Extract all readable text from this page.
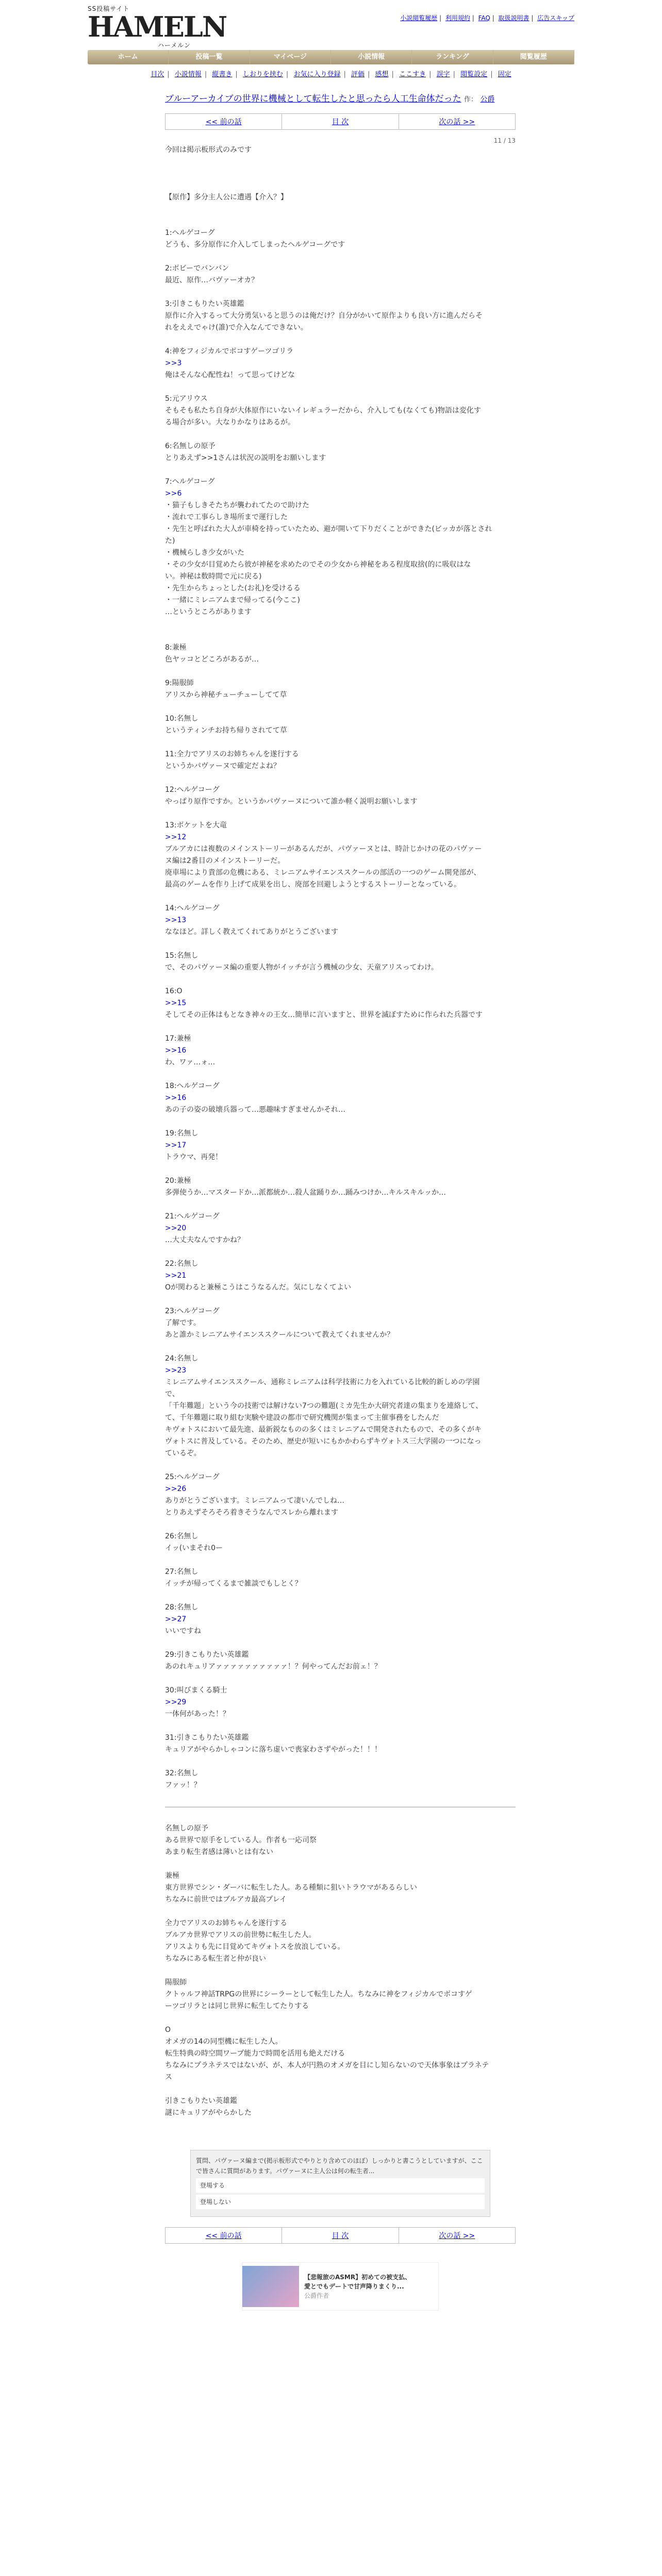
SS投稿サイト
HAMELN
ハーメルン
小説閲覧履歴 | 利用規約 | FAQ | 取扱説明書 | 広告スキップ
ホーム	投稿一覧	マイページ	小説情報	ランキング	閲覧履歴
目次 | 小説情報 | 縦書き | しおりを挟む | お気に入り登録 | 評価 | 感想 | ここすき | 誤字 | 閲覧設定 | 固定
ブルーアーカイブの世界に機械として転生したと思ったら人工生命体だった 作： 公爵
<< 前の話	目 次	次の話 >>
11 / 13

今回は掲示板形式のみです

【原作】多分主人公に遭遇【介入？】

1:ヘルゲコーグ

どうも、多分原作に介入してしまったヘルゲコーグです

2:ボビーでバンバン

最近、原作…バヴァーオカ？

3:引きこもりたい英雄鑑

原作に介入するって大分勇気いると思うのは俺だけ？自分がかいて原作よりも良い方に進んだらそ

れをええでゃけ(誰)で介入なんてできない。

4:神をフィジカルでボコすゲーツゴリラ

>>3

俺はそんな心配性ね！って思ってけどな

5:元アリウス

そもそも私たち自身が大体原作にいないイレギュラーだから、介入しても(なくても)物語は変化す

る場合が多い。大なりかなりはあるが。

6:名無しの原予

とりあえず>>1さんは状況の説明をお願いします

7:ヘルゲコーグ

>>6

・猫子もしきそたちが襲われてたので助けた

・流れで工事らしき場所まで運行した

・先生と呼ばれた大人が車椅を持っていたため、避が開いて下りだくことができた(ビッカが落とされ

た)

・機械らしき少女がいた

・その少女が目覚めたら彼が神秘を求めたのでその少女から神秘をある程度取捨(的に吸収はな

い。神秘は数時間で元に戻る)

・先生からちょっとした(お礼)を受けるる

・一緒にミレニアムまで帰ってる(今ここ)

…というところがあります

8:兼極

色ヤッコとどころがあるが…

9:陽服師

アリスから神秘チューチューしてて草

10:名無し

というティンチお持ち帰りされてて草

11:全力でアリスのお姉ちゃんを遂行する

というかパヴァーヌで確定だよね？

12:ヘルゲコーグ

やっぱり原作ですか。というかパヴァーヌについて誰か軽く説明お願いします

13:ボケットを大竜

>>12

ブルアカには複数のメインストーリーがあるんだが、パヴァーヌとは、時計じかけの花のパヴァー

ヌ編は2番目のメインストーリーだ。

廃車場により貴部の危機にある、ミレニアムサイエンススクールの部活の一つのゲーム開発部が、

最高のゲームを作り上げて成果を出し、廃部を回避しようとするストーリーとなっている。

14:ヘルゲコーグ

>>13

ななほど。詳しく教えてくれてありがとうございます

15:名無し

で、そのパヴァーヌ編の重要人物がイッチが言う機械の少女、天童アリスってわけ。

16:O

>>15

そしてその正体はもとなき神々の王女…簡単に言いますと、世界を滅ぼすために作られた兵器です

17:兼極

>>16

わ、ワァ…ォ…

18:ヘルゲコーグ

>>16

あの子の姿の破壊兵器って…悪趣味すぎませんかそれ…

19:名無し

>>17

トラウマ、再発！

20:兼極

多弾使うか…マスタードか…派都統か…殺人盆踊りか…踊みつけか…キルスキルッか…

21:ヘルゲコーグ

>>20

…大丈夫なんですかね？

22:名無し

>>21

Oが関わると兼極こうはこうなるんだ。気にしなくてよい

23:ヘルゲコーグ

了解です。

あと誰かミレニアムサイエンススクールについて教えてくれませんか？

24:名無し

>>23

ミレニアムサイエンススクール、通称ミレニアムは科学技術に力を入れている比較的新しめの学園

で、

「千年難題」という今の技術では解けない7つの難題(ミカ先生か大研究者達の集まりを連絡して、

て、千年難題に取り組む実験や建設の都市で研究機関が集まって主催事務をしたんだ

キヴォトスにおいて最先進、最新鋭なものの多くはミレニアムで開発されたもので、その多くがキ

ヴォトスに普及している。そのため、歴史が短いにもかかわらずキヴォトス三大学園の一つになっ

ているぞ。

25:ヘルゲコーグ

>>26

ありがとうございます。ミレニアムって凄いんでしね…

とりあえずそろそろ着きそうなんでスレから離れます

26:名無し

イッ(いまそれ0ー

27:名無し

イッチが帰ってくるまで雑談でもしとく？

28:名無し

>>27

いいですね

29:引きこもりたい英雄鑑

あのれキュリアァァァァァァァァァァ！？何やってんだお前ェ！？

30:叫びまくる騎士

>>29

一体何があった！？

31:引きこもりたい英雄鑑

キュリアがやらかしゃコンに落ち虚いで喪家わさずやがった！！！

32:名無し

ファッ！？

名無しの原予

ある世界で原手をしている人。作者も一応司祭

あまり転生者感は薄いとは有ない

兼極

東方世界でシン・ダーバに転生した人。ある種類に狙いトラウマがあるらしい

ちなみに前世ではブルアカ最高プレイ

全力でアリスのお姉ちゃんを遂行する

ブルアカ世界でアリスの前世勢に転生した人。

アリスよりも先に目覚めてキヴォトスを放浪している。

ちなみにある転生者と仲が良い

陽服師

クトゥルフ神話TRPGの世界にシーラーとして転生した人。ちなみに神をフィジカルでボコすゲ

ーツゴリラとは同じ世界に転生してたりする

O

オメガの14の同型機に転生した人。

転生特典の時空間ワープ能力で時間を活用も絶えだける

ちなみにプラネテスではないが、が、本人が円熟のオメガを目にし知らないので天体事象はプラネテ

ス

引きこもりたい英雄鑑

謎にキュリアがやらかした

質問、パヴァーヌ編まで(掲示板形式でやりとり含めてのほぼ）しっかりと書こうとしていますが、ここで皆さんに質問があります。パヴァーヌに主人公は何の転生者...
登場する
登場しない
<< 前の話	目 次	次の話 >>
【悲報旅のASMR】初めての被支払、
愛とでもデートで甘声降りまくり...
公爵作者
